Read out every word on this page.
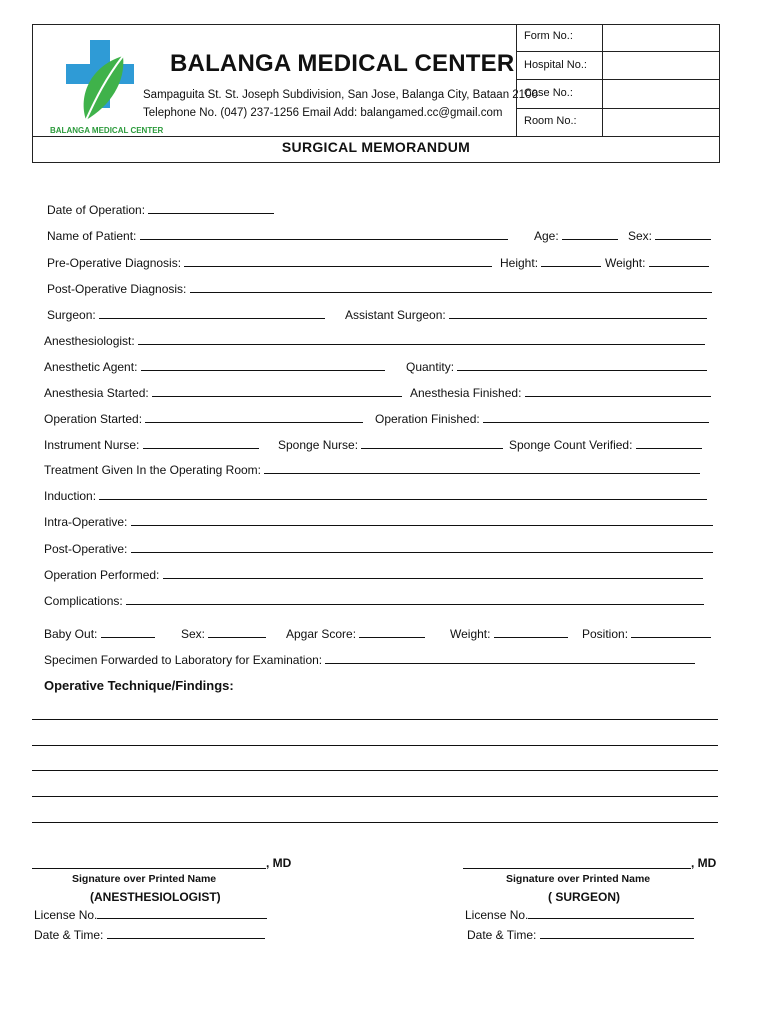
Form No.:
Hospital No.:
Case No.:
Room No.:
BALANGA MEDICAL CENTER
BALANGA MEDICAL CENTER
Sampaguita St. St. Joseph Subdivision, San Jose, Balanga City, Bataan 2100
Telephone No. (047) 237-1256 Email Add: balangamed.cc@gmail.com
SURGICAL MEMORANDUM
Date of Operation:
Name of Patient:	Age:	Sex:
Pre-Operative Diagnosis:	Height:	Weight:
Post-Operative Diagnosis:
Surgeon:	Assistant Surgeon:
Anesthesiologist:
Anesthetic Agent:	Quantity:
Anesthesia Started:	Anesthesia Finished:
Operation Started:	Operation Finished:
Instrument Nurse:	Sponge Nurse:	Sponge Count Verified:
Treatment Given In the Operating Room:
Induction:
Intra-Operative:
Post-Operative:
Operation Performed:
Complications:
Baby Out:	Sex:	Apgar Score:	Weight:	Position:
Specimen Forwarded to Laboratory for Examination:
Operative Technique/Findings:
, MD
Signature over Printed Name
(ANESTHESIOLOGIST)
License No.
Date & Time:
, MD
Signature over Printed Name
( SURGEON)
License No.
Date & Time:
